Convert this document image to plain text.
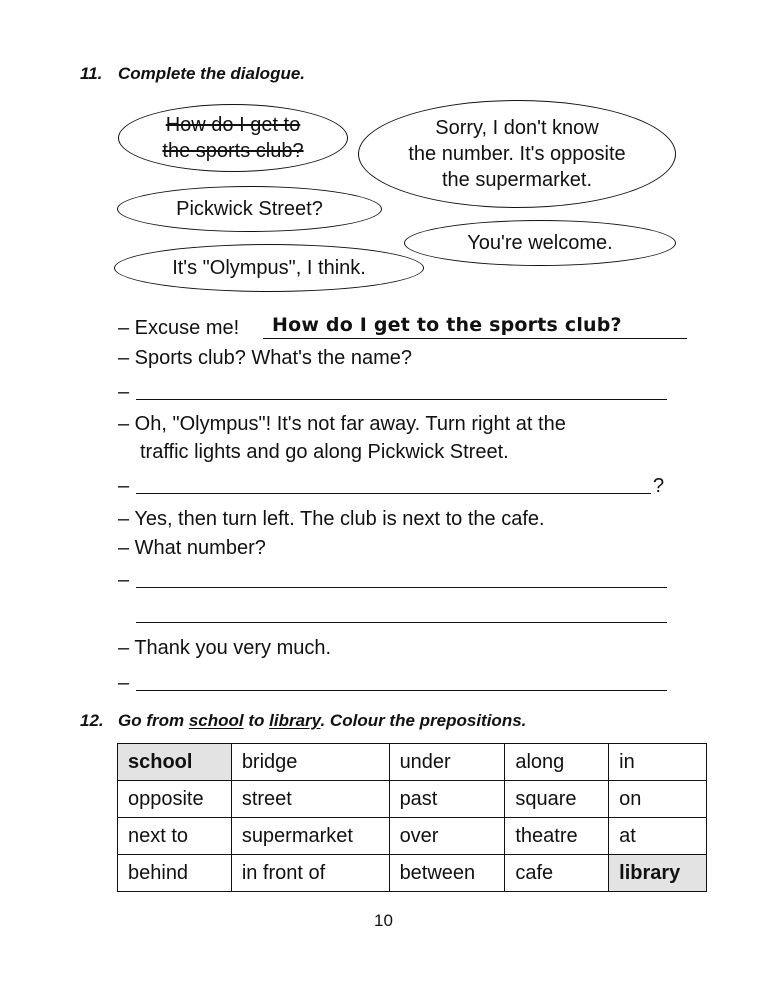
11. Complete the dialogue.
How do I get to
the sports club?
Sorry, I don't know
the number. It's opposite
the supermarket.
Pickwick Street?
You're welcome.
It's "Olympus", I think.
– Excuse me! How do I get to the sports club?
– Sports club? What's the name?
–
– Oh, "Olympus"! It's not far away. Turn right at the
traffic lights and go along Pickwick Street.
–	?
– Yes, then turn left. The club is next to the cafe.
– What number?
–
– Thank you very much.
–
12. Go from school to library. Colour the prepositions.
school	bridge	under	along	in
opposite	street	past	square	on
next to	supermarket	over	theatre	at
behind	in front of	between	cafe	library
10
